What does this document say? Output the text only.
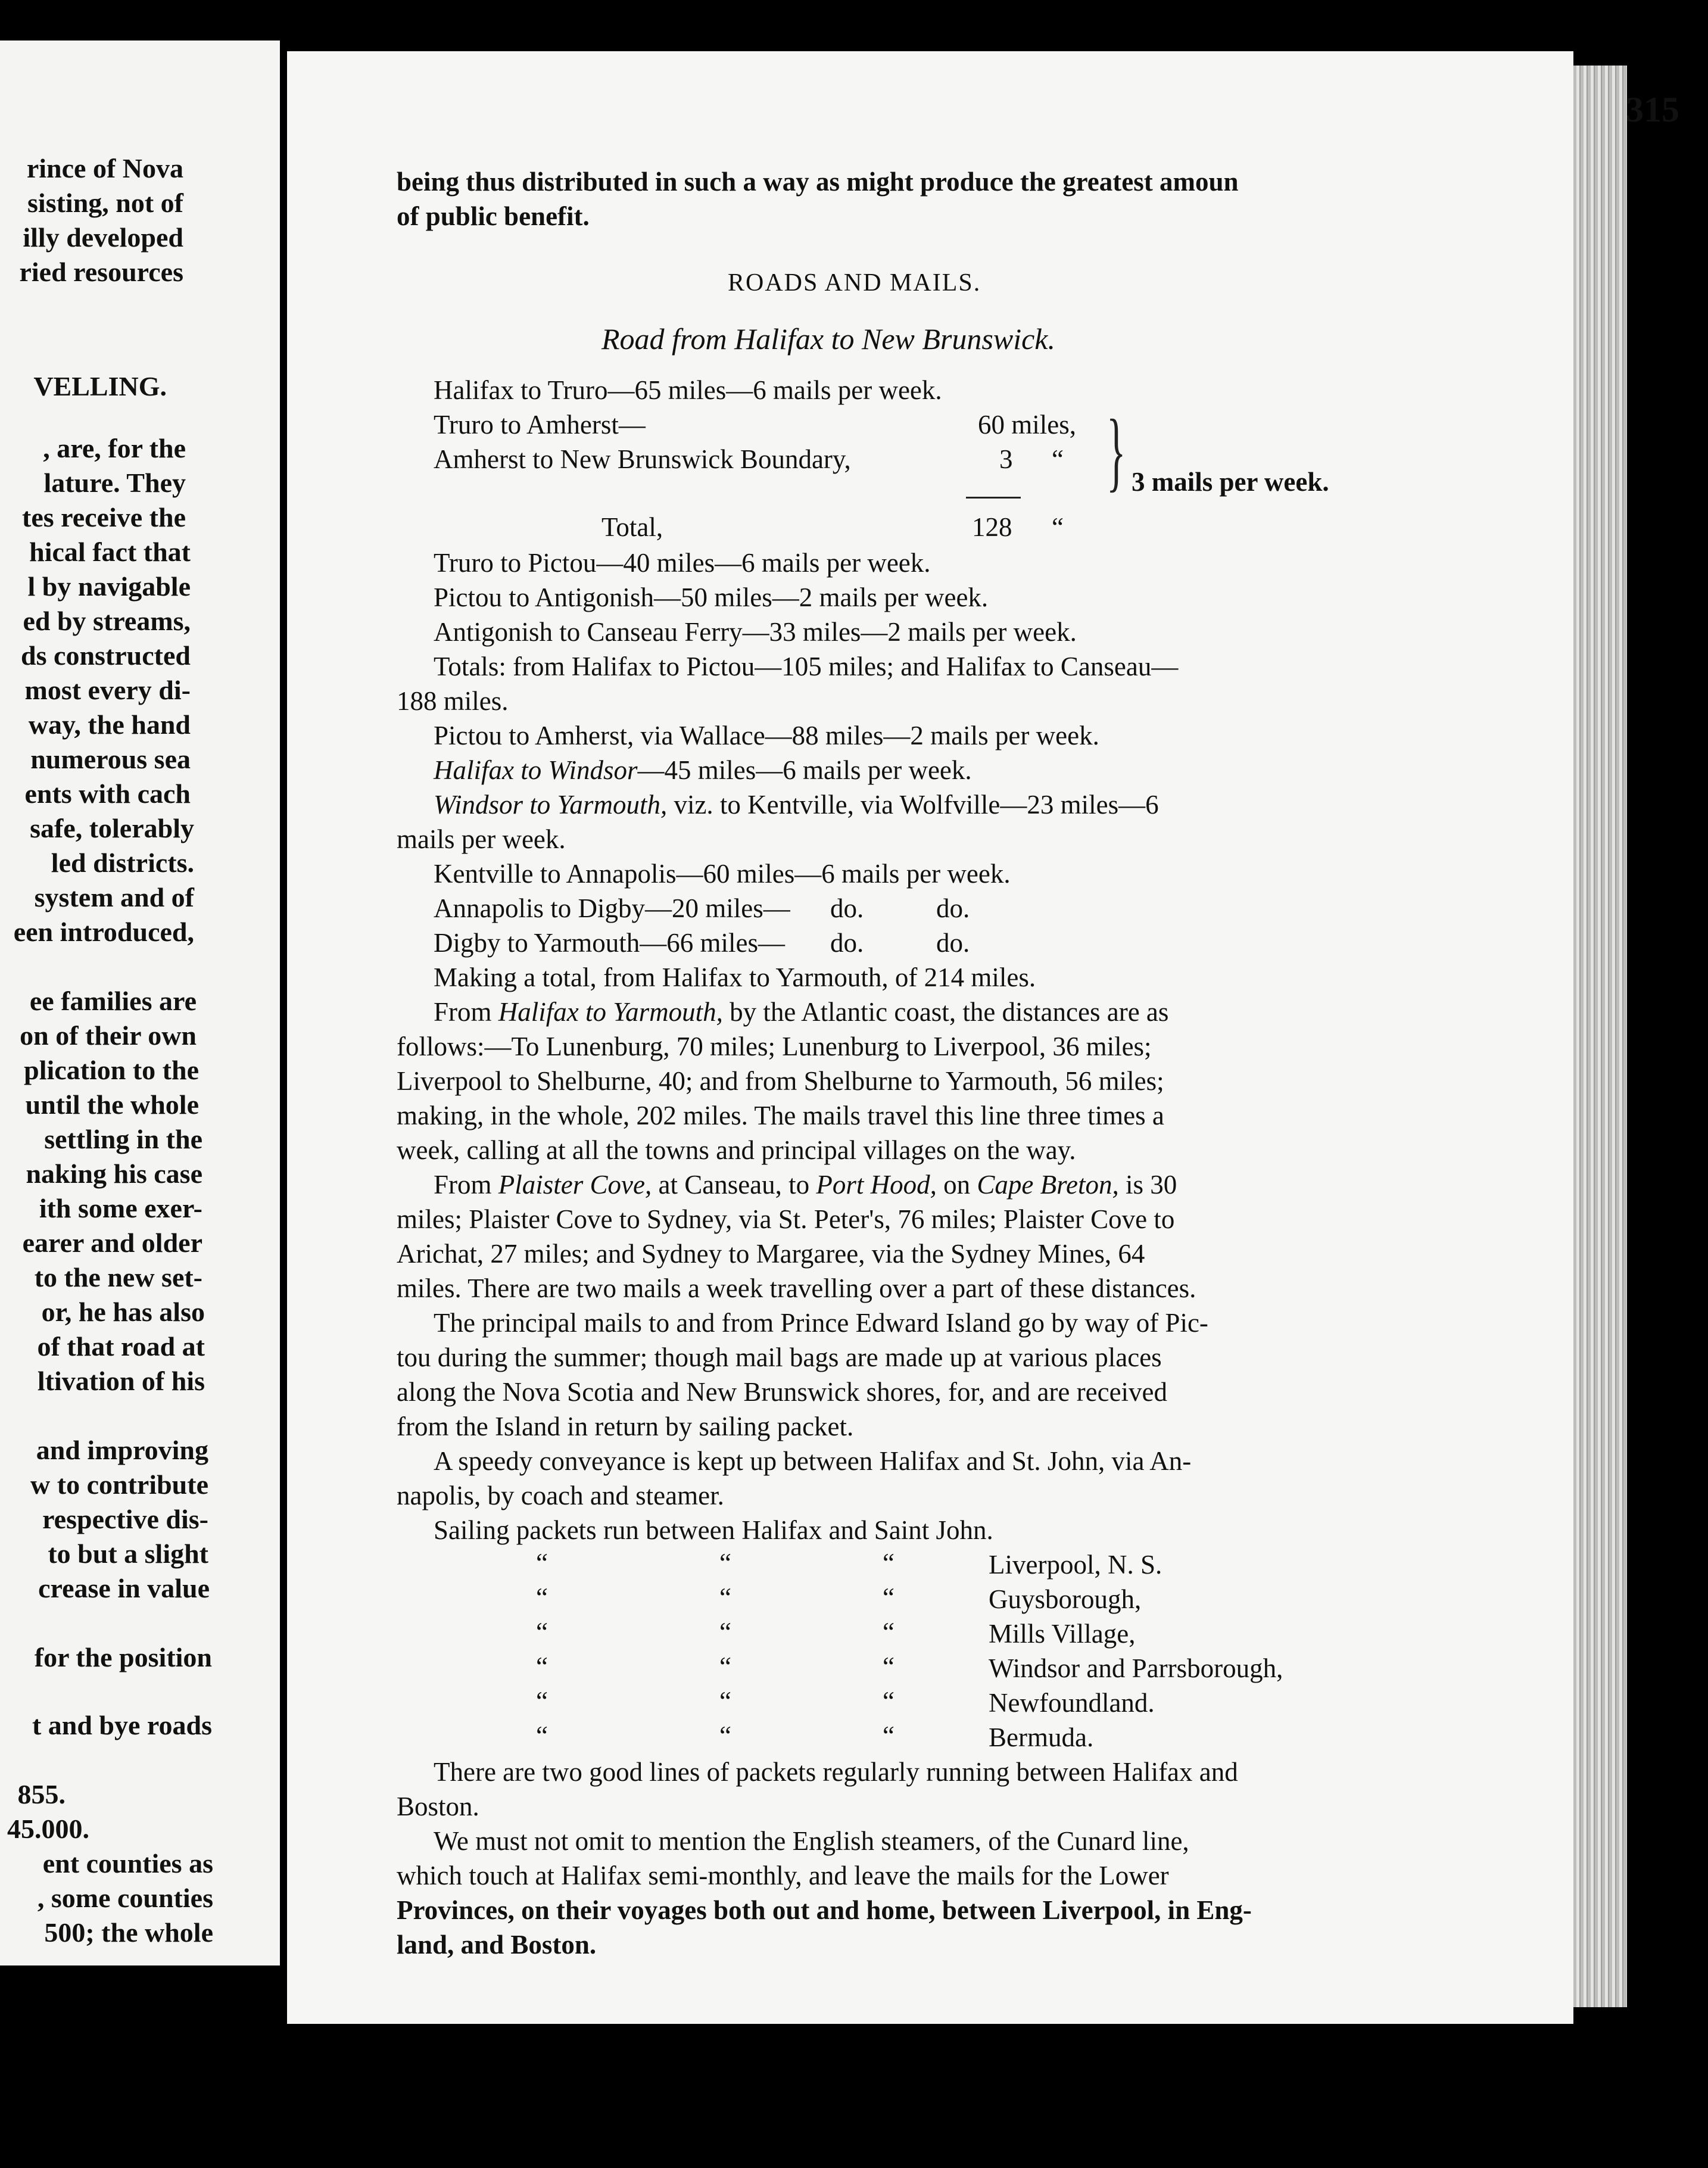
rince of Nova
sisting, not of
illy developed
ried resources
VELLING.
, are, for the
lature. They
tes receive the
hical fact that
l by navigable
ed by streams,
ds constructed
most every di-
way, the hand
numerous sea
ents with cach
safe, tolerably
led districts.
system and of
een introduced,
ee families are
on of their own
plication to the
until the whole
settling in the
naking his case
ith some exer-
earer and older
to the new set-
or, he has also
of that road at
ltivation of his
and improving
w to contribute
respective dis-
to but a slight
crease in value
for the position
t and bye roads
855.
45.000.
ent counties as
, some counties
500; the whole
315
being thus distributed in such a way as might produce the greatest amoun
of public benefit.
ROADS AND MAILS.
Road from Halifax to New Brunswick.
Halifax to Truro—65 miles—6 mails per week.
Truro to Amherst—	60 miles,
Amherst to New Brunswick Boundary,	3 “
Total,	128 “
} 3 mails per week.
Truro to Pictou—40 miles—6 mails per week.
Pictou to Antigonish—50 miles—2 mails per week.
Antigonish to Canseau Ferry—33 miles—2 mails per week.
Totals: from Halifax to Pictou—105 miles; and Halifax to Canseau—
188 miles.
Pictou to Amherst, via Wallace—88 miles—2 mails per week.
Halifax to Windsor—45 miles—6 mails per week.
Windsor to Yarmouth, viz. to Kentville, via Wolfville—23 miles—6
mails per week.
Kentville to Annapolis—60 miles—6 mails per week.
Annapolis to Digby—20 miles— do.	do.
Digby to Yarmouth—66 miles— do.	do.
Making a total, from Halifax to Yarmouth, of 214 miles.
From Halifax to Yarmouth, by the Atlantic coast, the distances are as
follows:—To Lunenburg, 70 miles; Lunenburg to Liverpool, 36 miles;
Liverpool to Shelburne, 40; and from Shelburne to Yarmouth, 56 miles;
making, in the whole, 202 miles. The mails travel this line three times a
week, calling at all the towns and principal villages on the way.
From Plaister Cove, at Canseau, to Port Hood, on Cape Breton, is 30
miles; Plaister Cove to Sydney, via St. Peter's, 76 miles; Plaister Cove to
Arichat, 27 miles; and Sydney to Margaree, via the Sydney Mines, 64
miles. There are two mails a week travelling over a part of these distances.
The principal mails to and from Prince Edward Island go by way of Pic-
tou during the summer; though mail bags are made up at various places
along the Nova Scotia and New Brunswick shores, for, and are received
from the Island in return by sailing packet.
A speedy conveyance is kept up between Halifax and St. John, via An-
napolis, by coach and steamer.
Sailing packets run between Halifax and Saint John.
“	“	“	Liverpool, N. S.
“	“	“	Guysborough,
“	“	“	Mills Village,
“	“	“	Windsor and Parrsborough,
“	“	“	Newfoundland.
“	“	“	Bermuda.
There are two good lines of packets regularly running between Halifax and
Boston.
We must not omit to mention the English steamers, of the Cunard line,
which touch at Halifax semi-monthly, and leave the mails for the Lower
Provinces, on their voyages both out and home, between Liverpool, in Eng-
land, and Boston.
